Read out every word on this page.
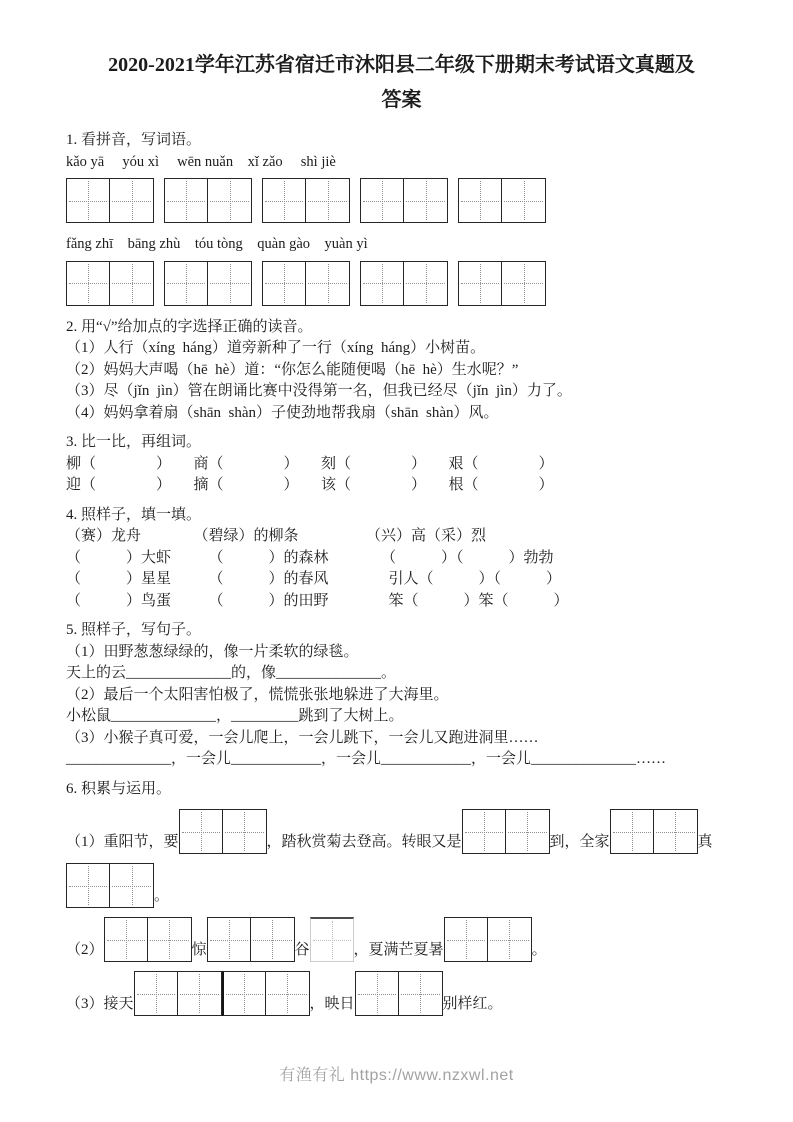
2020-2021学年江苏省宿迁市沐阳县二年级下册期末考试语文真题及
答案
1. 看拼音，写词语。
kǎo yā     yóu xì     wēn nuǎn    xǐ zǎo     shì jiè
fǎng zhī    bāng zhù    tóu tòng    quàn gào    yuàn yì
2. 用“√”给加点的字选择正确的读音。
（1）人行（xíng  háng）道旁新种了一行（xíng  háng）小树苗。
（2）妈妈大声喝（hē  hè）道：“你怎么能随便喝（hē  hè）生水呢？”
（3）尽（jǐn  jìn）管在朗诵比赛中没得第一名，但我已经尽（jǐn  jìn）力了。
（4）妈妈拿着扇（shān  shàn）子使劲地帮我扇（shān  shàn）风。
3. 比一比，再组词。
柳（　　　　）　　商（　　　　）　　刻（　　　　）　　艰（　　　　）
迎（　　　　）　　摘（　　　　）　　该（　　　　）　　根（　　　　）
4. 照样子，填一填。
（赛）龙舟　　　　（碧绿）的柳条　　　　　（兴）高（采）烈
（　　　）大虾　　　（　　　）的森林　　　　（　　　）（　　　）勃勃
（　　　）星星　　　（　　　）的春风　　　　引人（　　　）（　　　）
（　　　）鸟蛋　　　（　　　）的田野　　　　笨（　　　）笨（　　　）
5. 照样子，写句子。
（1）田野葱葱绿绿的，像一片柔软的绿毯。
天上的云______________的，像______________。
（2）最后一个太阳害怕极了，慌慌张张地躲进了大海里。
小松鼠______________，_________跳到了大树上。
（3）小猴子真可爱，一会儿爬上，一会儿跳下，一会儿又跑进洞里……
______________，一会儿____________，一会儿____________，一会儿______________……
6. 积累与运用。
（1）重阳节，要	，踏秋赏菊去登高。转眼又是	到，全家	真
。
（2）	惊	谷	，夏满芒夏暑	。
（3）接天	，映日	别样红。
有渔有礼 https://www.nzxwl.net
